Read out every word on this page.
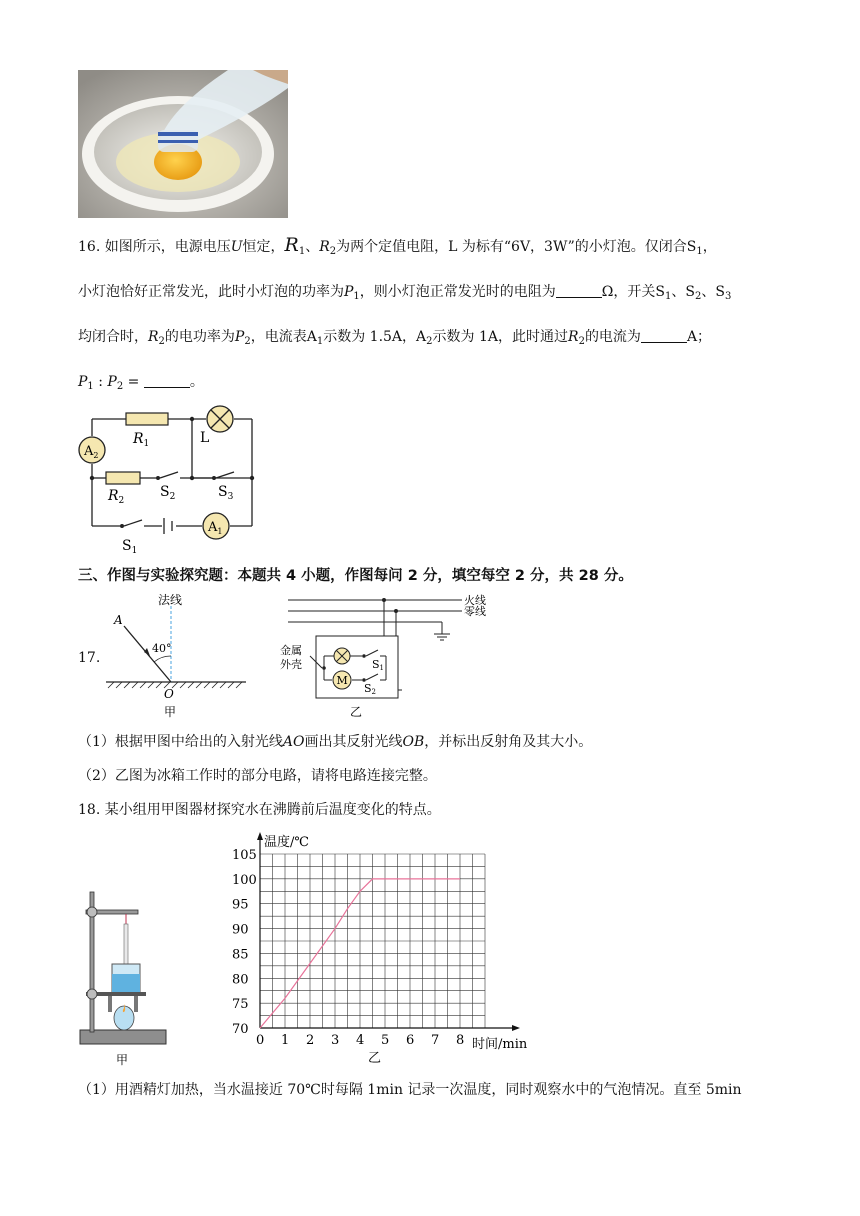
16. 如图所示，电源电压U恒定，$R_1$、$R_2$为两个定值电阻，L 为标有“6V，3W”的小灯泡。仅闭合$S_1$，
小灯泡恰好正常发光，此时小灯泡的功率为$P_1$，则小灯泡正常发光时的电阻为	Ω，开关$S_1$、$S_2$、$S_3$
均闭合时，$R_2$的电功率为$P_2$，电流表$A_1$示数为 1.5A，$A_2$示数为 1A，此时通过$R_2$的电流为	A；
$P_1$ : $P_2$ =	。
$R_1$
$R_2$
L
$A_2$
$A_1$
$S_2$	$S_3$
$S_1$
三、作图与实验探究题：本题共 4 小题，作图每问 2 分，填空每空 2 分，共 28 分。
17.
法线
A
40°
O
甲
M
火线
零线
金属
外壳	S1
S2
乙
（1）根据甲图中给出的入射光线AO画出其反射光线OB，并标出反射角及其大小。
（2）乙图为冰箱工作时的部分电路，请将电路连接完整。
18. 某小组用甲图器材探究水在沸腾前后温度变化的特点。
甲
0 1 2 3 4 5 6 7 8
70
75
80
85
90
95
100
105
温度/℃
时间/min
乙
（1）用酒精灯加热，当水温接近 70℃时每隔 1min 记录一次温度，同时观察水中的气泡情况。直至 5min
